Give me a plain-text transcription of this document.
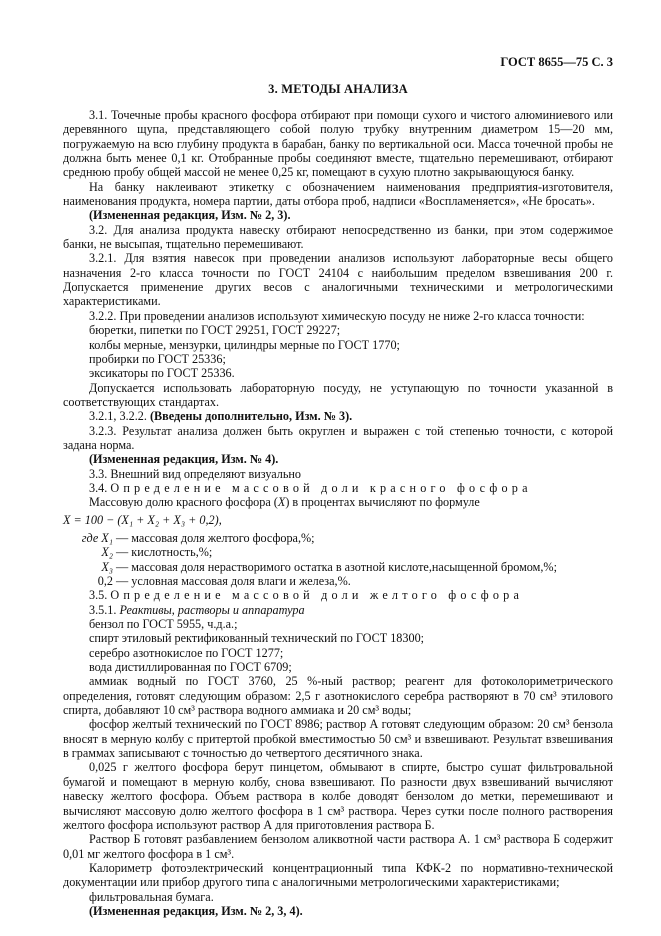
ГОСТ 8655—75 С. 3
3. МЕТОДЫ АНАЛИЗА

3.1. Точечные пробы красного фосфора отбирают при помощи сухого и чистого алюминиевого или деревянного щупа, представляющего собой полую трубку внутренним диаметром 15—20 мм, погружаемую на всю глубину продукта в барабан, банку по вертикальной оси. Масса точечной пробы не должна быть менее 0,1 кг. Отобранные пробы соединяют вместе, тщательно перемешивают, отбирают среднюю пробу общей массой не менее 0,25 кг, помещают в сухую плотно закрывающуюся банку.

На банку наклеивают этикетку с обозначением наименования предприятия-изготовителя, наименования продукта, номера партии, даты отбора проб, надписи «Воспламеняется», «Не бросать».

(Измененная редакция, Изм. № 2, 3).

3.2. Для анализа продукта навеску отбирают непосредственно из банки, при этом содержимое банки, не высыпая, тщательно перемешивают.

3.2.1. Для взятия навесок при проведении анализов используют лабораторные весы общего назначения 2-го класса точности по ГОСТ 24104 с наибольшим пределом взвешивания 200 г. Допускается применение других весов с аналогичными техническими и метрологическими характеристиками.

3.2.2. При проведении анализов используют химическую посуду не ниже 2-го класса точности:

бюретки, пипетки по ГОСТ 29251, ГОСТ 29227;

колбы мерные, мензурки, цилиндры мерные по ГОСТ 1770;

пробирки по ГОСТ 25336;

эксикаторы по ГОСТ 25336.

Допускается использовать лабораторную посуду, не уступающую по точности указанной в соответствующих стандартах.

3.2.1, 3.2.2. (Введены дополнительно, Изм. № 3).

3.2.3. Результат анализа должен быть округлен и выражен с той степенью точности, с которой задана норма.

(Измененная редакция, Изм. № 4).

3.3. Внешний вид определяют визуально

3.4. Определение массовой доли красного фосфора

Массовую долю красного фосфора (X) в процентах вычисляют по формуле

X = 100 − (X₁ + X₂ + X₃ + 0,2),

где X₁ — массовая доля желтого фосфора,%;
X₂ — кислотность,%;
X₃ — массовая доля нерастворимого остатка в азотной кислоте,насыщенной бромом,%;
0,2 — условная массовая доля влаги и железа,%.

3.5. Определение массовой доли желтого фосфора

3.5.1. Реактивы, растворы и аппаратура

бензол по ГОСТ 5955, ч.д.а.;

спирт этиловый ректификованный технический по ГОСТ 18300;

серебро азотнокислое по ГОСТ 1277;

вода дистиллированная по ГОСТ 6709;

аммиак водный по ГОСТ 3760, 25 %-ный раствор; реагент для фотоколориметрического определения, готовят следующим образом: 2,5 г азотнокислого серебра растворяют в 70 см³ этилового спирта, добавляют 10 см³ раствора водного аммиака и 20 см³ воды;

фосфор желтый технический по ГОСТ 8986; раствор А готовят следующим образом: 20 см³ бензола вносят в мерную колбу с притертой пробкой вместимостью 50 см³ и взвешивают. Результат взвешивания в граммах записывают с точностью до четвертого десятичного знака.

0,025 г желтого фосфора берут пинцетом, обмывают в спирте, быстро сушат фильтровальной бумагой и помещают в мерную колбу, снова взвешивают. По разности двух взвешиваний вычисляют навеску желтого фосфора. Объем раствора в колбе доводят бензолом до метки, перемешивают и вычисляют массовую долю желтого фосфора в 1 см³ раствора. Через сутки после полного растворения желтого фосфора используют раствор А для приготовления раствора Б.

Раствор Б готовят разбавлением бензолом аликвотной части раствора А. 1 см³ раствора Б содержит 0,01 мг желтого фосфора в 1 см³.

Калориметр фотоэлектрический концентрационный типа КФК-2 по нормативно-технической документации или прибор другого типа с аналогичными метрологическими характеристиками;

фильтровальная бумага.

(Измененная редакция, Изм. № 2, 3, 4).
